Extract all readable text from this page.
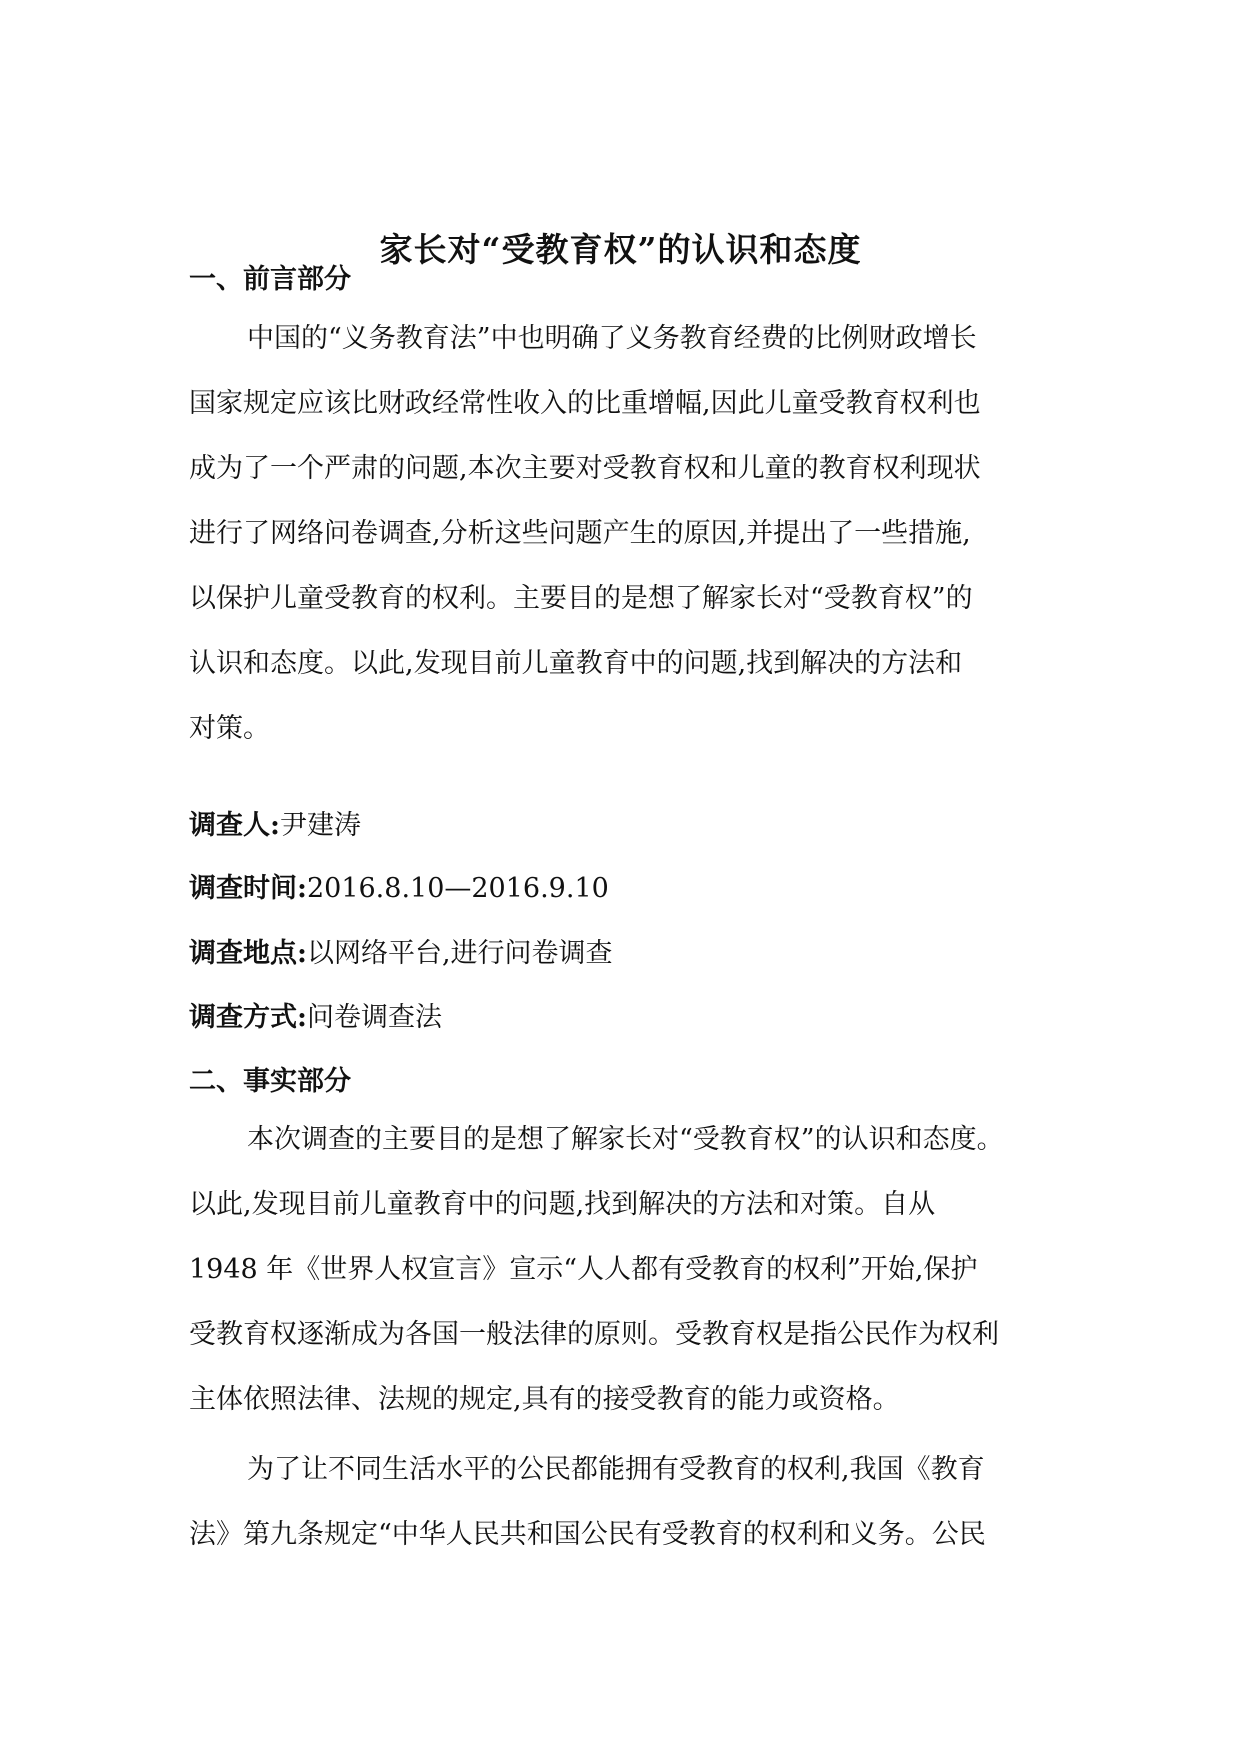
家长对“受教育权”的认识和态度
一、前言部分
中国的“义务教育法”中也明确了义务教育经费的比例财政增长
国家规定应该比财政经常性收入的比重增幅,因此儿童受教育权利也
成为了一个严肃的问题,本次主要对受教育权和儿童的教育权利现状
进行了网络问卷调查,分析这些问题产生的原因,并提出了一些措施,
以保护儿童受教育的权利。主要目的是想了解家长对“受教育权”的
认识和态度。以此,发现目前儿童教育中的问题,找到解决的方法和
对策。
调查人:尹建涛
调查时间:2016.8.10—2016.9.10
调查地点:以网络平台,进行问卷调查
调查方式:问卷调查法
二、事实部分
本次调查的主要目的是想了解家长对“受教育权”的认识和态度。
以此,发现目前儿童教育中的问题,找到解决的方法和对策。自从
1948 年《世界人权宣言》宣示“人人都有受教育的权利”开始,保护
受教育权逐渐成为各国一般法律的原则。受教育权是指公民作为权利
主体依照法律、法规的规定,具有的接受教育的能力或资格。
为了让不同生活水平的公民都能拥有受教育的权利,我国《教育
法》第九条规定“中华人民共和国公民有受教育的权利和义务。公民
